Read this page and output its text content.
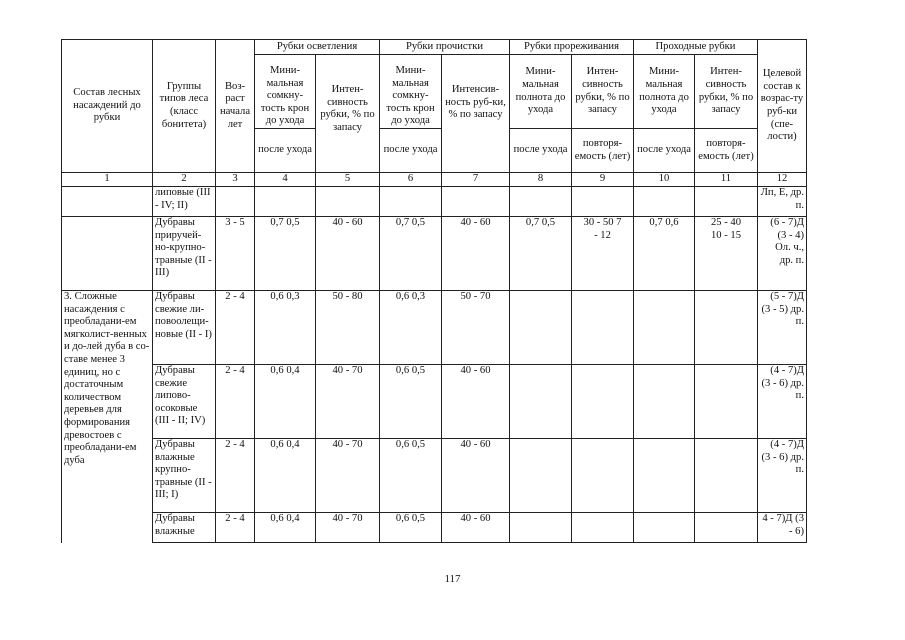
Состав лесных насаждений до рубки	Группы типов леса (класс бонитета)	Воз-раст начала лет	Рубки осветления		Рубки прочистки		Рубки прореживания		Проходные рубки		Целевой состав к возрас-ту руб-ки (спе-лости)
			Мини-мальная сомкну-тость крон до ухода	Интен-сивность рубки, % по запасу	Мини-мальная сомкну-тость крон до ухода	Интенсив-ность руб-ки, % по запасу	Мини-мальная полнота до ухода	Интен-сивность рубки, % по запасу	Мини-мальная полнота до ухода	Интен-сивность рубки, % по запасу	
			после ухода		после ухода		после ухода	повторя-емость (лет)	после ухода	повторя-емость (лет)	
1	2	3	4	5	6	7	8	9	10	11	12
	липовые (III - IV; II)										Лп, Е, др. п.
	Дубравы приручей-но-крупно-травные (II - III)	3 - 5	0,7 0,5	40 - 60	0,7 0,5	40 - 60	0,7 0,5	30 - 50 7 - 12	0,7 0,6	25 - 40 10 - 15	(6 - 7)Д (3 - 4) Ол. ч., др. п.
3. Сложные насаждения с преобладани-ем мягколист-венных и до-лей дуба в со-ставе менее 3 единиц, но с достаточным количеством деревьев для формирования древостоев с преобладани-ем дуба	Дубравы свежие ли-повоолещи-новые (II - I)	2 - 4	0,6 0,3	50 - 80	0,6 0,3	50 - 70					(5 - 7)Д (3 - 5) др. п.
	Дубравы свежие липово-осоковые (III - II; IV)	2 - 4	0,6 0,4	40 - 70	0,6 0,5	40 - 60					(4 - 7)Д (3 - 6) др. п.
	Дубравы влажные крупно-травные (II - III; I)	2 - 4	0,6 0,4	40 - 70	0,6 0,5	40 - 60					(4 - 7)Д (3 - 6) др. п.
	Дубравы влажные	2 - 4	0,6 0,4	40 - 70	0,6 0,5	40 - 60					4 - 7)Д (3 - 6)
117
